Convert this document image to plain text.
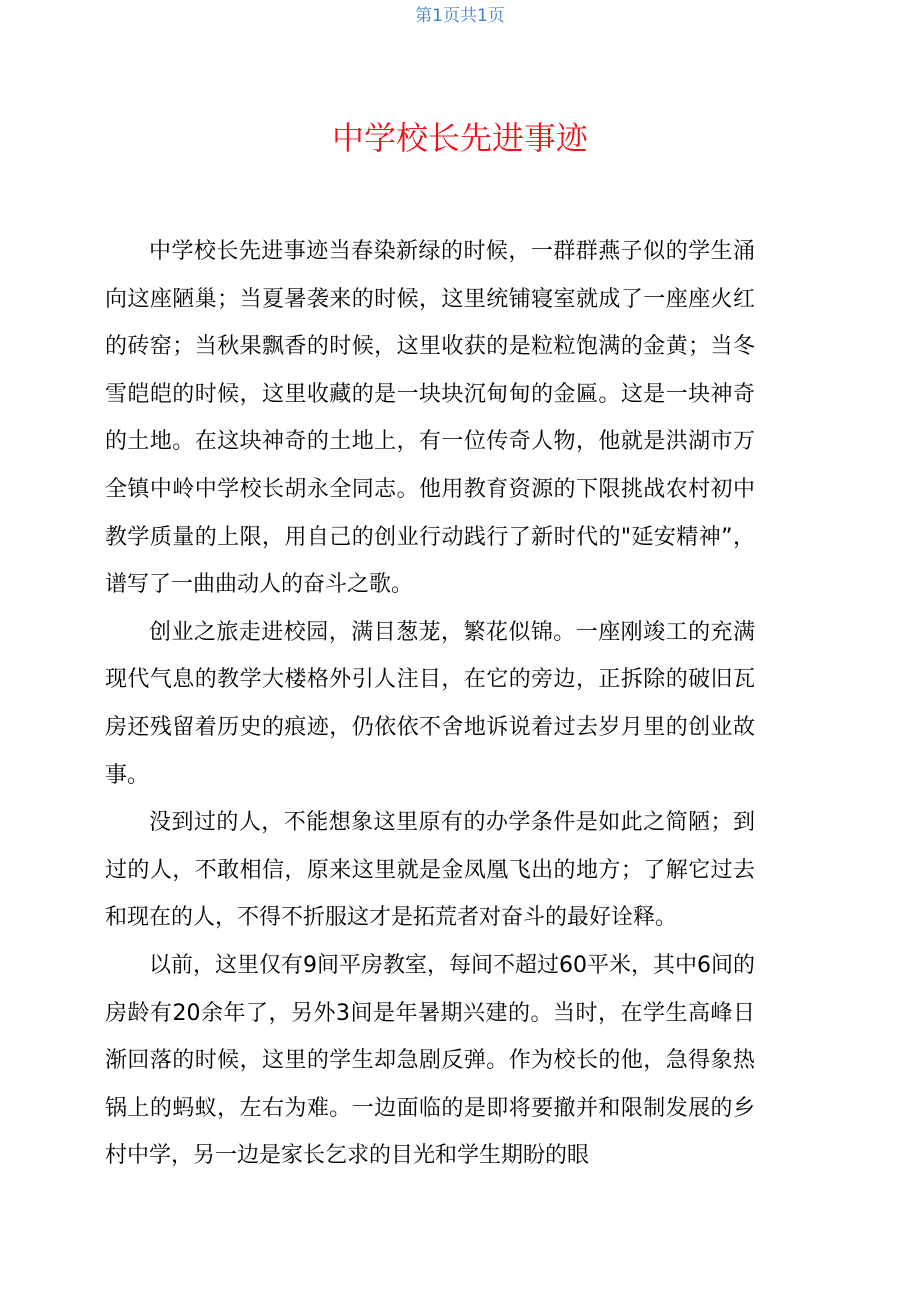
第1页共1页
中学校长先进事迹

中学校长先进事迹当春染新绿的时候，一群群燕子似的学生涌向这座陋巢；当夏暑袭来的时候，这里统铺寝室就成了一座座火红的砖窑；当秋果飘香的时候，这里收获的是粒粒饱满的金黄；当冬雪皑皑的时候，这里收藏的是一块块沉甸甸的金匾。这是一块神奇的土地。在这块神奇的土地上，有一位传奇人物，他就是洪湖市万全镇中岭中学校长胡永全同志。他用教育资源的下限挑战农村初中教学质量的上限，用自己的创业行动践行了新时代的"延安精神”，谱写了一曲曲动人的奋斗之歌。

创业之旅走进校园，满目葱茏，繁花似锦。一座刚竣工的充满现代气息的教学大楼格外引人注目，在它的旁边，正拆除的破旧瓦房还残留着历史的痕迹，仍依依不舍地诉说着过去岁月里的创业故事。

没到过的人，不能想象这里原有的办学条件是如此之简陋；到过的人，不敢相信，原来这里就是金凤凰飞出的地方；了解它过去和现在的人，不得不折服这才是拓荒者对奋斗的最好诠释。

以前，这里仅有9间平房教室，每间不超过60平米，其中6间的房龄有20余年了，另外3间是年暑期兴建的。当时，在学生高峰日渐回落的时候，这里的学生却急剧反弹。作为校长的他，急得象热锅上的蚂蚁，左右为难。一边面临的是即将要撤并和限制发展的乡村中学，另一边是家长乞求的目光和学生期盼的眼
